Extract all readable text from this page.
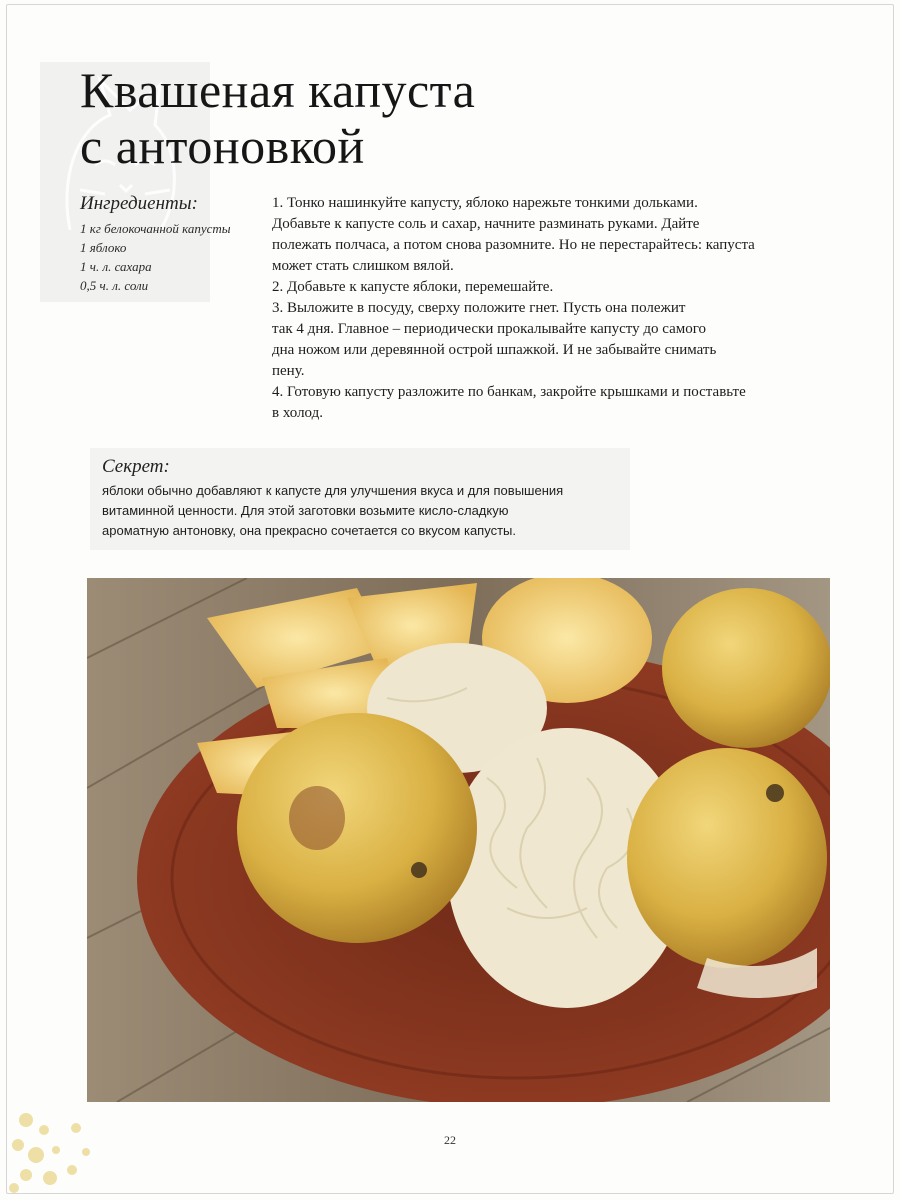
Квашеная капуста
с антоновкой
Ингредиенты:
1 кг белокочанной капусты
1 яблоко
1 ч. л. сахара
0,5 ч. л. соли

1. Тонко нашинкуйте капусту, яблоко нарежьте тонкими дольками.

Добавьте к капусте соль и сахар, начните разминать руками. Дайте

полежать полчаса, а потом снова разомните. Но не перестарайтесь: капуста

может стать слишком вялой.

2. Добавьте к капусте яблоки, перемешайте.

3. Выложите в посуду, сверху положите гнет. Пусть она полежит

так 4 дня. Главное – периодически прокалывайте капусту до самого

дна ножом или деревянной острой шпажкой. И не забывайте снимать

пену.

4. Готовую капусту разложите по банкам, закройте крышками и поставьте

в холод.

Секрет:

яблоки обычно добавляют к капусте для улучшения вкуса и для повышения

витаминной ценности. Для этой заготовки возьмите кисло-сладкую

ароматную антоновку, она прекрасно сочетается со вкусом капусты.

22
